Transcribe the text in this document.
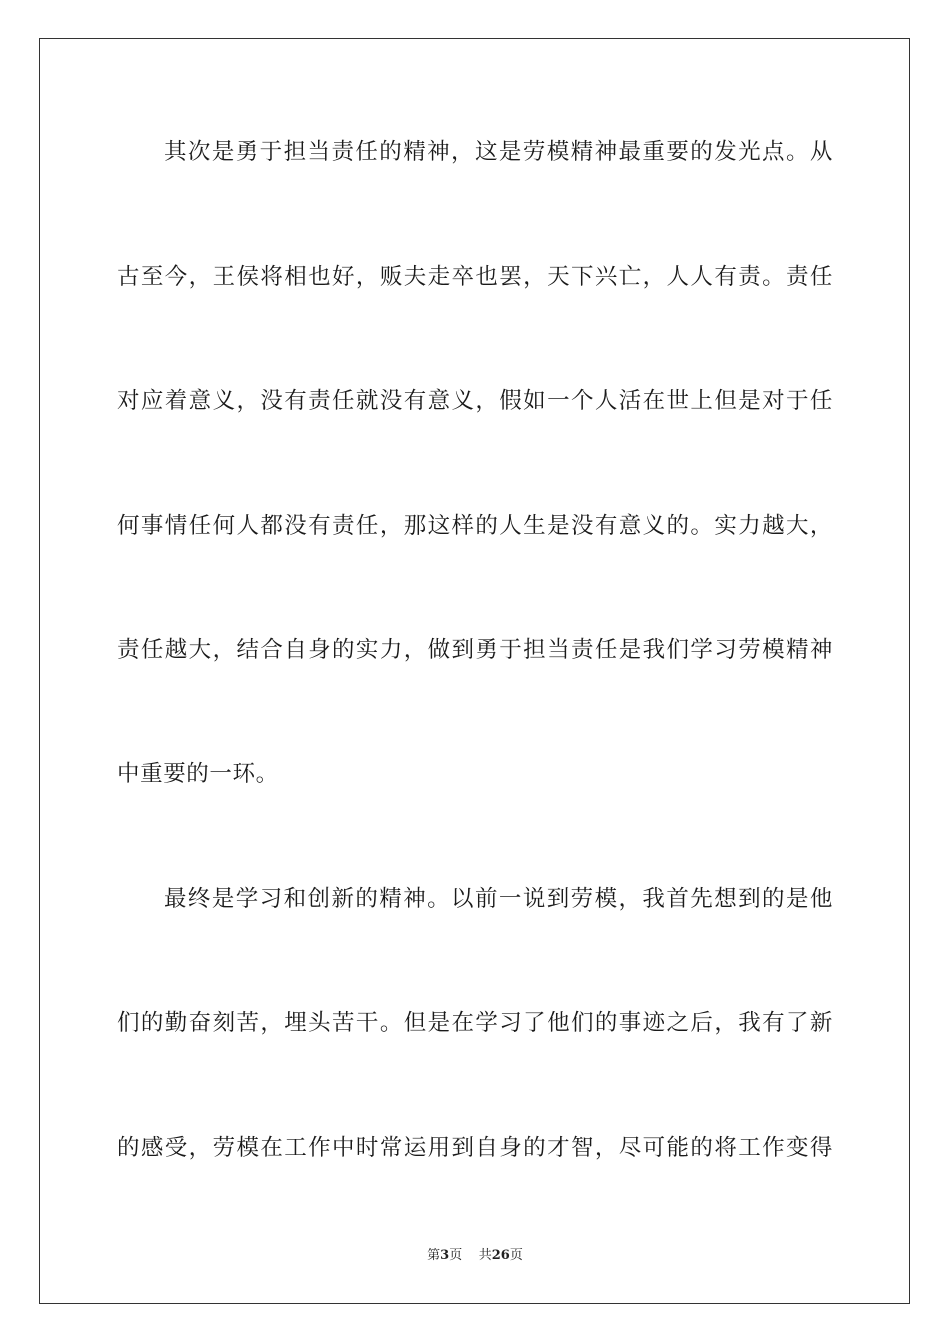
其次是勇于担当责任的精神，这是劳模精神最重要的发光点。从
古至今，王侯将相也好，贩夫走卒也罢，天下兴亡，人人有责。责任
对应着意义，没有责任就没有意义，假如一个人活在世上但是对于任
何事情任何人都没有责任，那这样的人生是没有意义的。实力越大，
责任越大，结合自身的实力，做到勇于担当责任是我们学习劳模精神
中重要的一环。
最终是学习和创新的精神。以前一说到劳模，我首先想到的是他
们的勤奋刻苦，埋头苦干。但是在学习了他们的事迹之后，我有了新
的感受，劳模在工作中时常运用到自身的才智，尽可能的将工作变得
第3页 共26页
